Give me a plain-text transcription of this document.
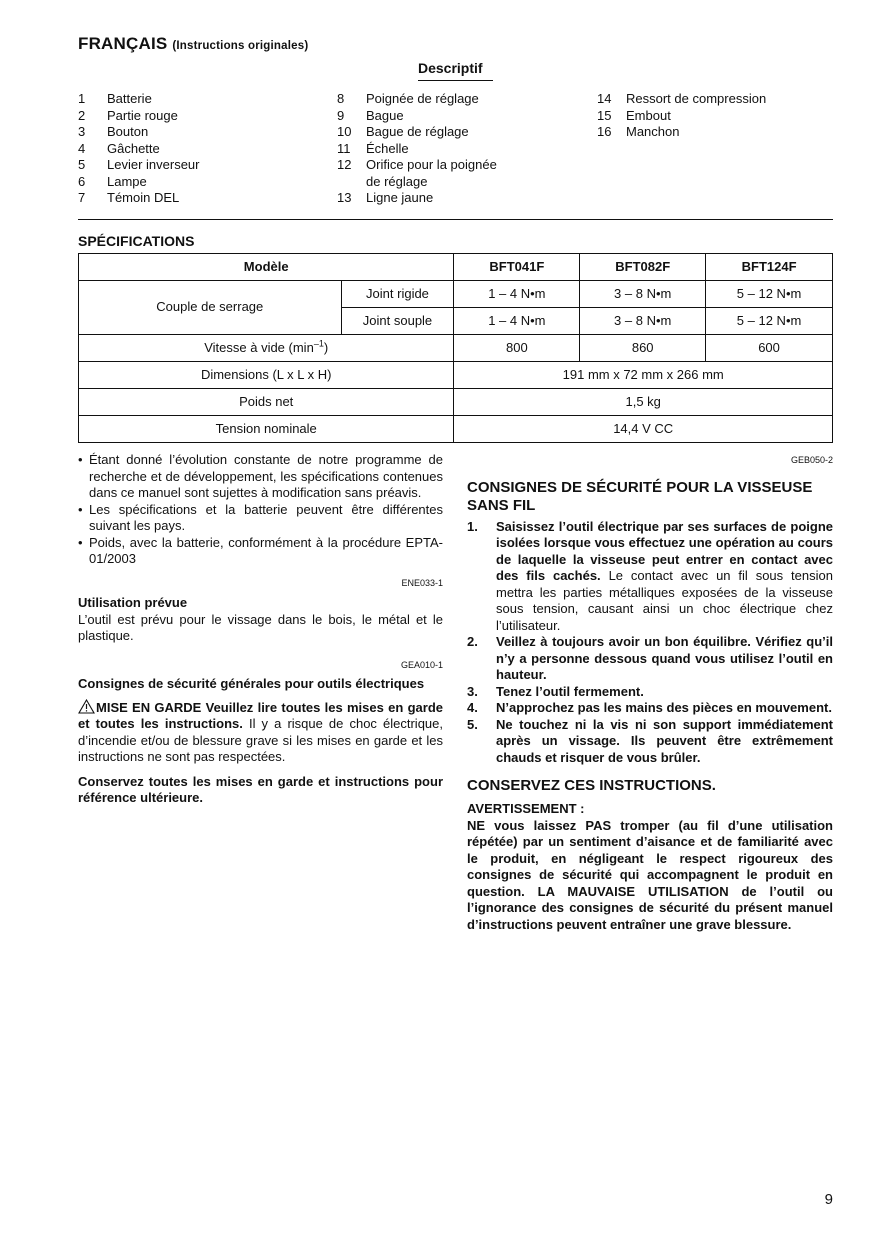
FRANÇAIS (Instructions originales)
Descriptif
1	Batterie
2	Partie rouge
3	Bouton
4	Gâchette
5	Levier inverseur
6	Lampe
7	Témoin DEL
8	Poignée de réglage
9	Bague
10	Bague de réglage
11	Échelle
12	Orifice pour la poignée
de réglage
13	Ligne jaune
14	Ressort de compression
15	Embout
16	Manchon
SPÉCIFICATIONS
Modèle		BFT041F	BFT082F	BFT124F
Couple de serrage	Joint rigide	1 – 4 N•m	3 – 8 N•m	5 – 12 N•m
	Joint souple	1 – 4 N•m	3 – 8 N•m	5 – 12 N•m
Vitesse à vide $(\min^{-1})$		800	860	600
Dimensions (L x L x H)		191 mm x 72 mm x 266 mm		
Poids net		1,5 kg		
Tension nominale		14,4 V CC		
• Étant donné l’évolution constante de notre programme de recherche et de développement, les spécifications contenues dans ce manuel sont sujettes à modification sans préavis.
• Les spécifications et la batterie peuvent être différentes suivant les pays.
• Poids, avec la batterie, conformément à la procédure EPTA-01/2003
ENE033-1

Utilisation prévue

L’outil est prévu pour le vissage dans le bois, le métal et le plastique.

GEA010-1

Consignes de sécurité générales pour outils électriques

MISE EN GARDE Veuillez lire toutes les mises en garde et toutes les instructions. Il y a risque de choc électrique, d’incendie et/ou de blessure grave si les mises en garde et les instructions ne sont pas respectées.

Conservez toutes les mises en garde et instructions pour référence ultérieure.

GEB050-2

CONSIGNES DE SÉCURITÉ POUR LA VISSEUSE SANS FIL

1.	Saisissez l’outil électrique par ses surfaces de poigne isolées lorsque vous effectuez une opération au cours de laquelle la visseuse peut entrer en contact avec des fils cachés. Le contact avec un fil sous tension mettra les parties métalliques exposées de la visseuse sous tension, causant ainsi un choc électrique chez l’utilisateur.
2.	Veillez à toujours avoir un bon équilibre. Vérifiez qu’il n’y a personne dessous quand vous utilisez l’outil en hauteur.
3.	Tenez l’outil fermement.
4.	N’approchez pas les mains des pièces en mouvement.
5.	Ne touchez ni la vis ni son support immédiatement après un vissage. Ils peuvent être extrêmement chauds et risquer de vous brûler.

CONSERVEZ CES INSTRUCTIONS.

AVERTISSEMENT :

NE vous laissez PAS tromper (au fil d’une utilisation répétée) par un sentiment d’aisance et de familiarité avec le produit, en négligeant le respect rigoureux des consignes de sécurité qui accompagnent le produit en question. LA MAUVAISE UTILISATION de l’outil ou l’ignorance des consignes de sécurité du présent manuel d’instructions peuvent entraîner une grave blessure.

9
